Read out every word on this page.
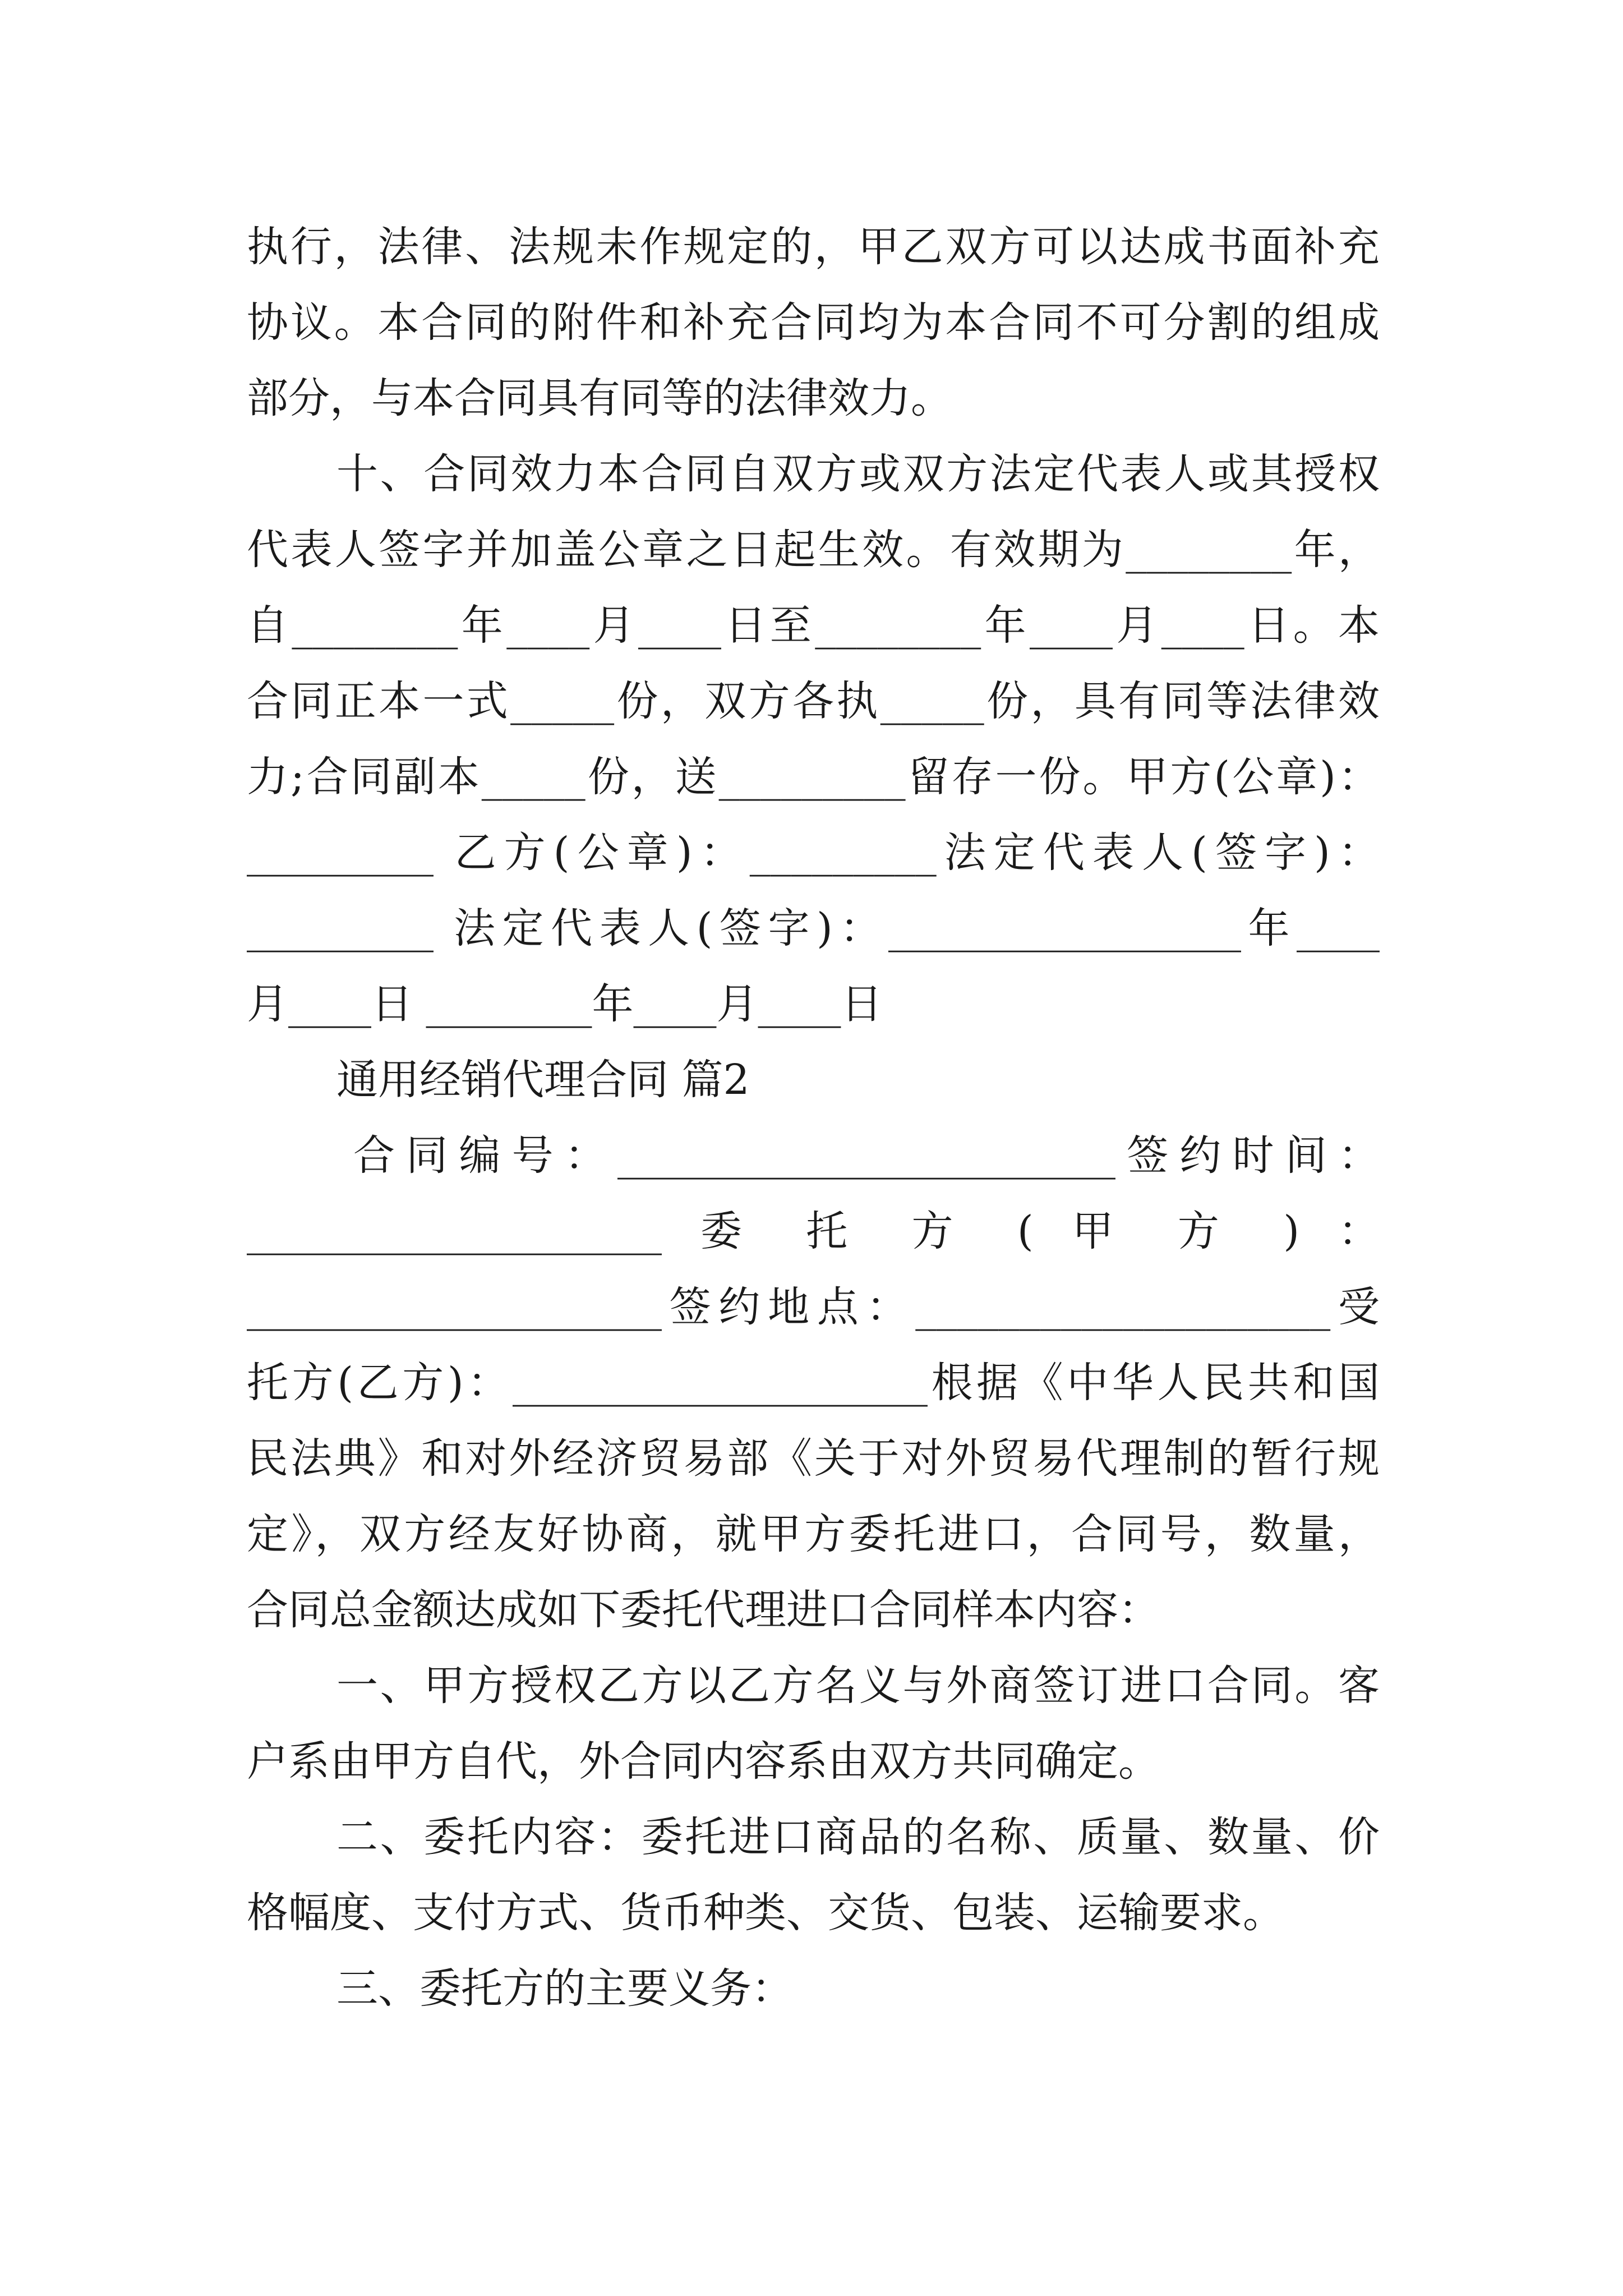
执行，法律、法规未作规定的，甲乙双方可以达成书面补充
协议。本合同的附件和补充合同均为本合同不可分割的组成
部分，与本合同具有同等的法律效力。
十、合同效力本合同自双方或双方法定代表人或其授权
代表人签字并加盖公章之日起生效。有效期为________年，
自________年____月____日至________年____月____日。本
合同正本一式_____份，双方各执_____份，具有同等法律效
力;合同副本_____份，送_________留存一份。甲方(公章)：
_________ 乙方(公章)：_________法定代表人(签字)：
_________ 法定代表人(签字)：_________________年____
月____日 ________年____月____日
通用经销代理合同 篇2
合同编号：________________________签约时间：
____________________ 委 托 方 ( 甲 方 ) ：
____________________签约地点：____________________受
托方(乙方)：____________________根据《中华人民共和国
民法典》和对外经济贸易部《关于对外贸易代理制的暂行规
定》，双方经友好协商，就甲方委托进口，合同号，数量，
合同总金额达成如下委托代理进口合同样本内容：
一、甲方授权乙方以乙方名义与外商签订进口合同。客
户系由甲方自代，外合同内容系由双方共同确定。
二、委托内容：委托进口商品的名称、质量、数量、价
格幅度、支付方式、货币种类、交货、包装、运输要求。
三、委托方的主要义务：
